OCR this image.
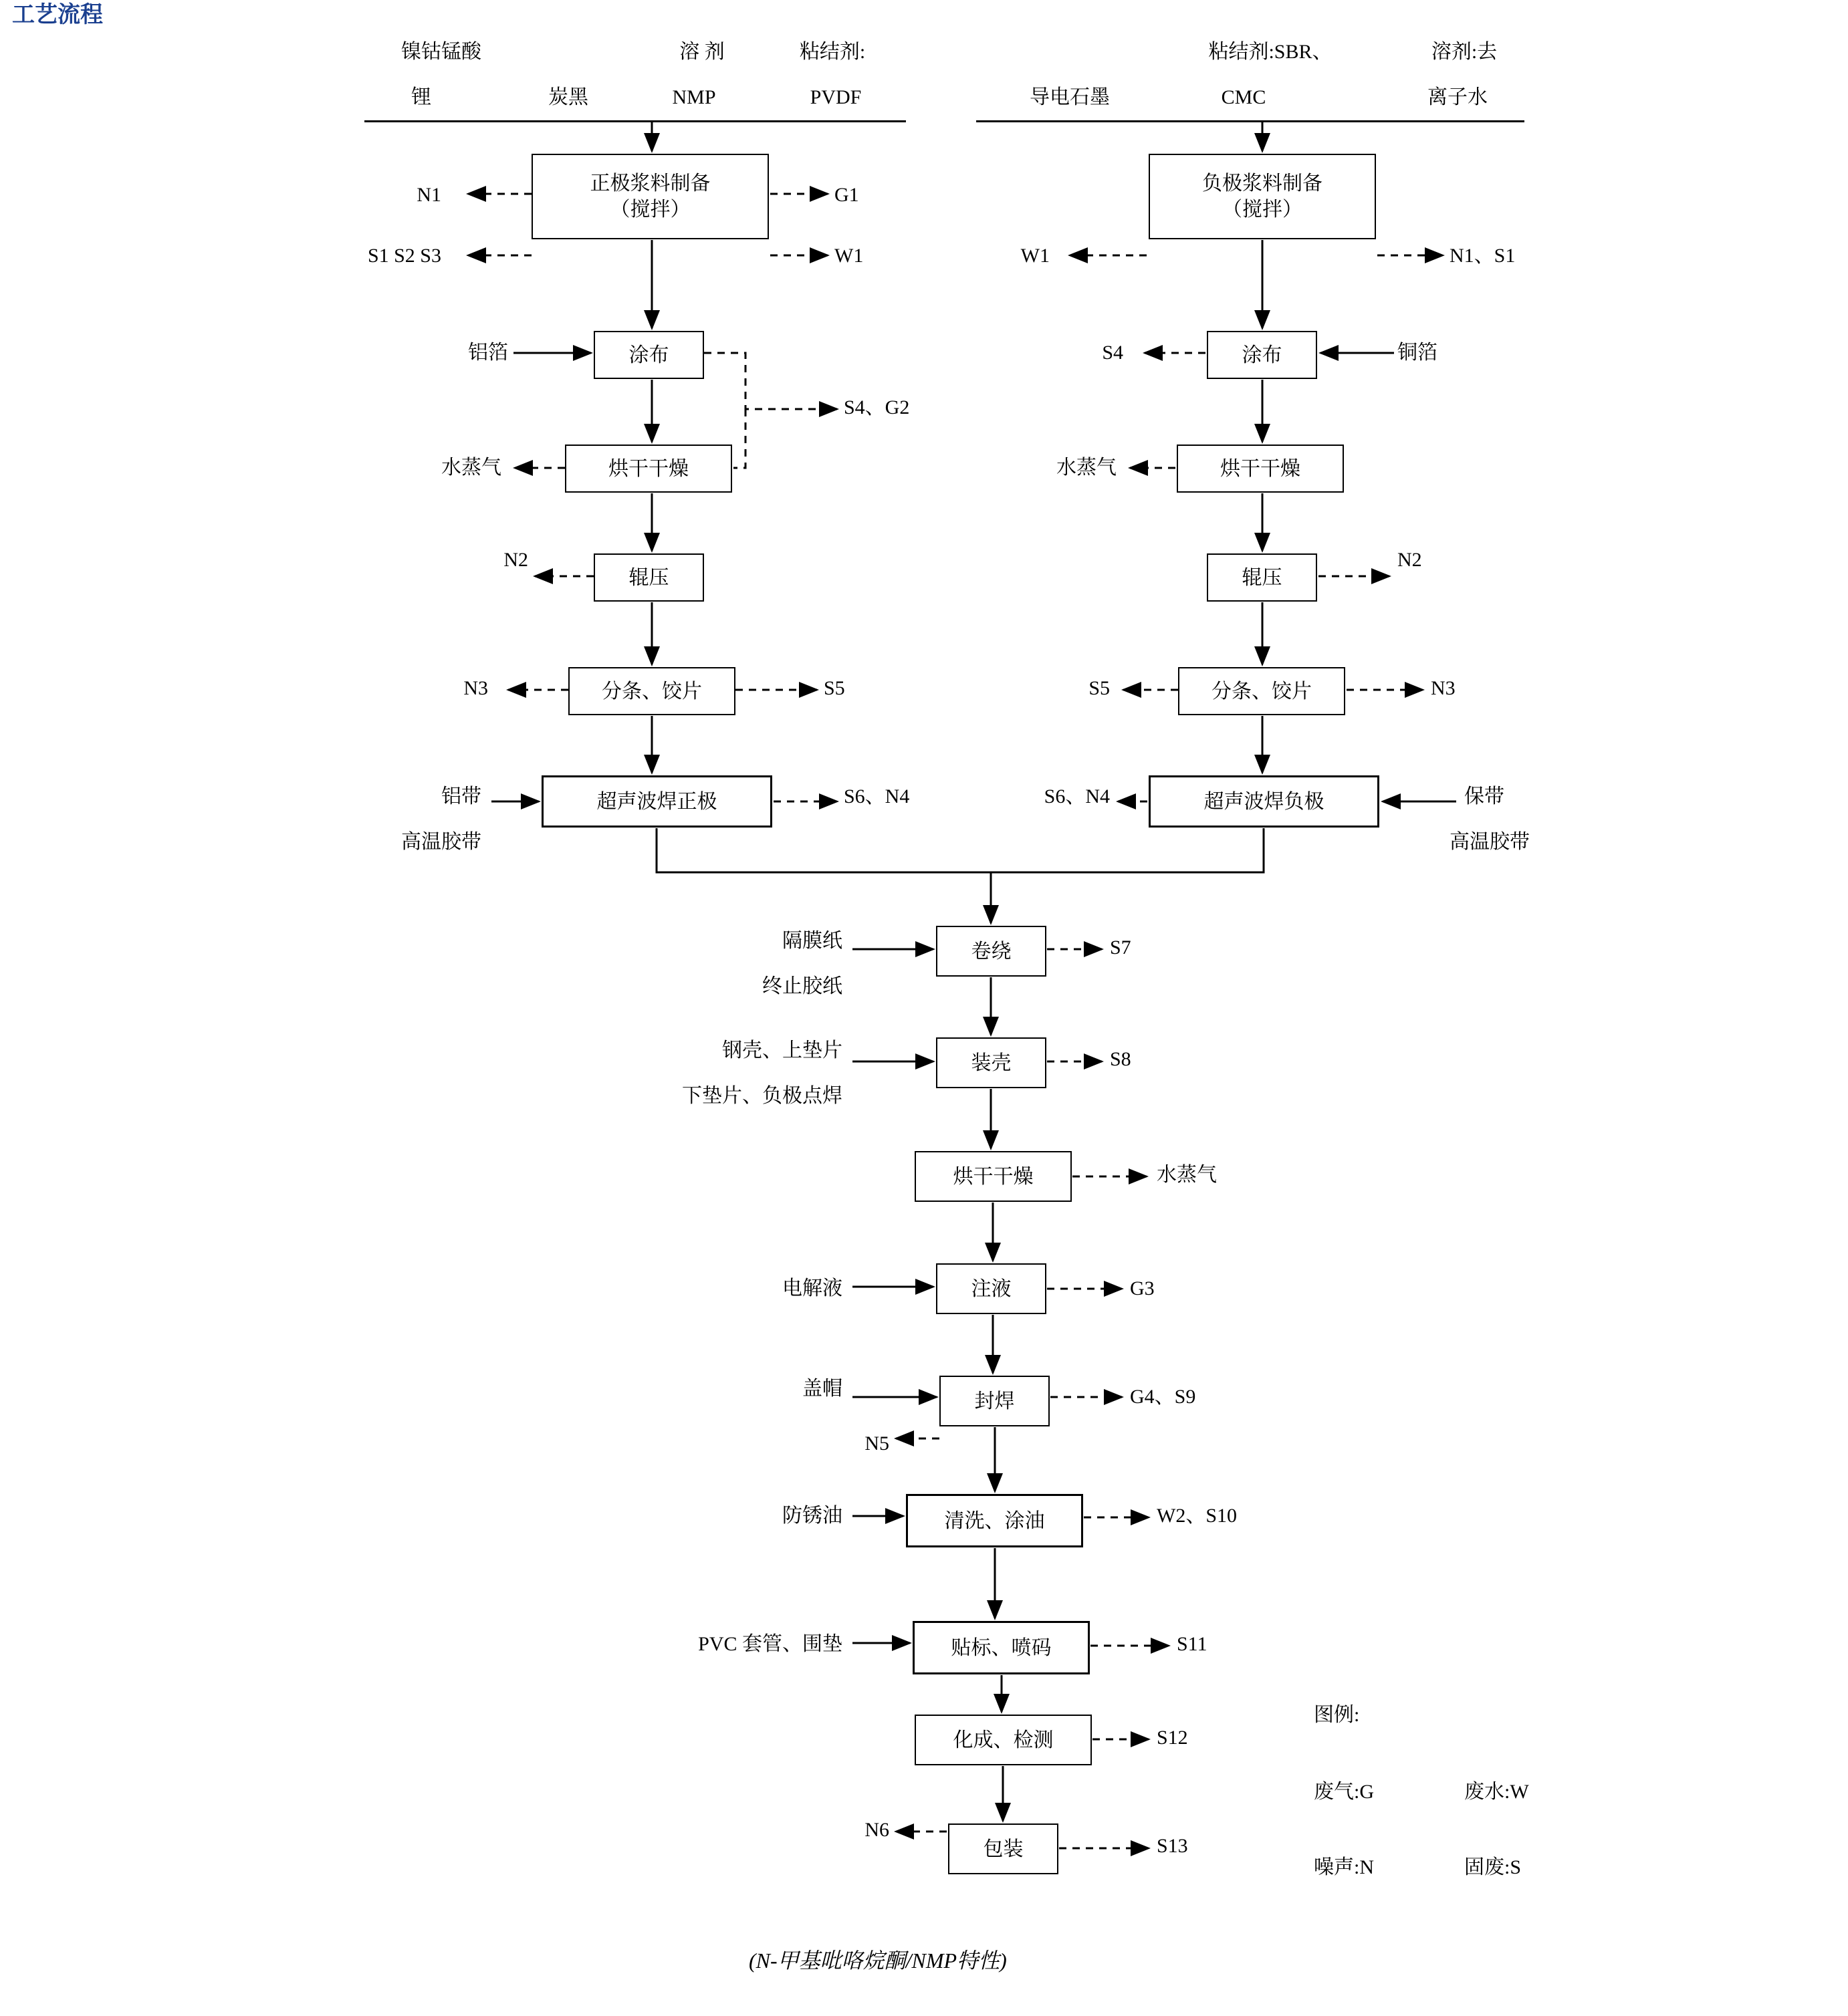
工艺流程
镍钴锰酸	溶 剂	粘结剂:
锂	炭黑	NMP	PVDF
粘结剂:SBR、	溶剂:去
导电石墨	CMC	离子水
正极浆料制备
（搅拌）
涂布
烘干干燥
辊压
分条、饺片
超声波焊正极
N1
S1 S2 S3
G1
W1
铝箔
S4、G2
水蒸气
N2
N3	S5
铝带
高温胶带
S6、N4
负极浆料制备
（搅拌）
涂布
烘干干燥
辊压
分条、饺片
超声波焊负极
W1	N1、S1
S4	铜箔
水蒸气
N2
S5	N3
保带
高温胶带
S6、N4
卷绕
隔膜纸
终止胶纸
S7
装壳
钢壳、上垫片
下垫片、负极点焊
S8
烘干干燥	水蒸气
注液
电解液	G3
封焊
盖帽	G4、S9
N5
清洗、涂油
防锈油	W2、S10
贴标、喷码
PVC 套管、围垫	S11
化成、检测	S12
包装	S13
N6
图例:
废气:G	废水:W
噪声:N	固废:S
(N-甲基吡咯烷酮/NMP特性)
